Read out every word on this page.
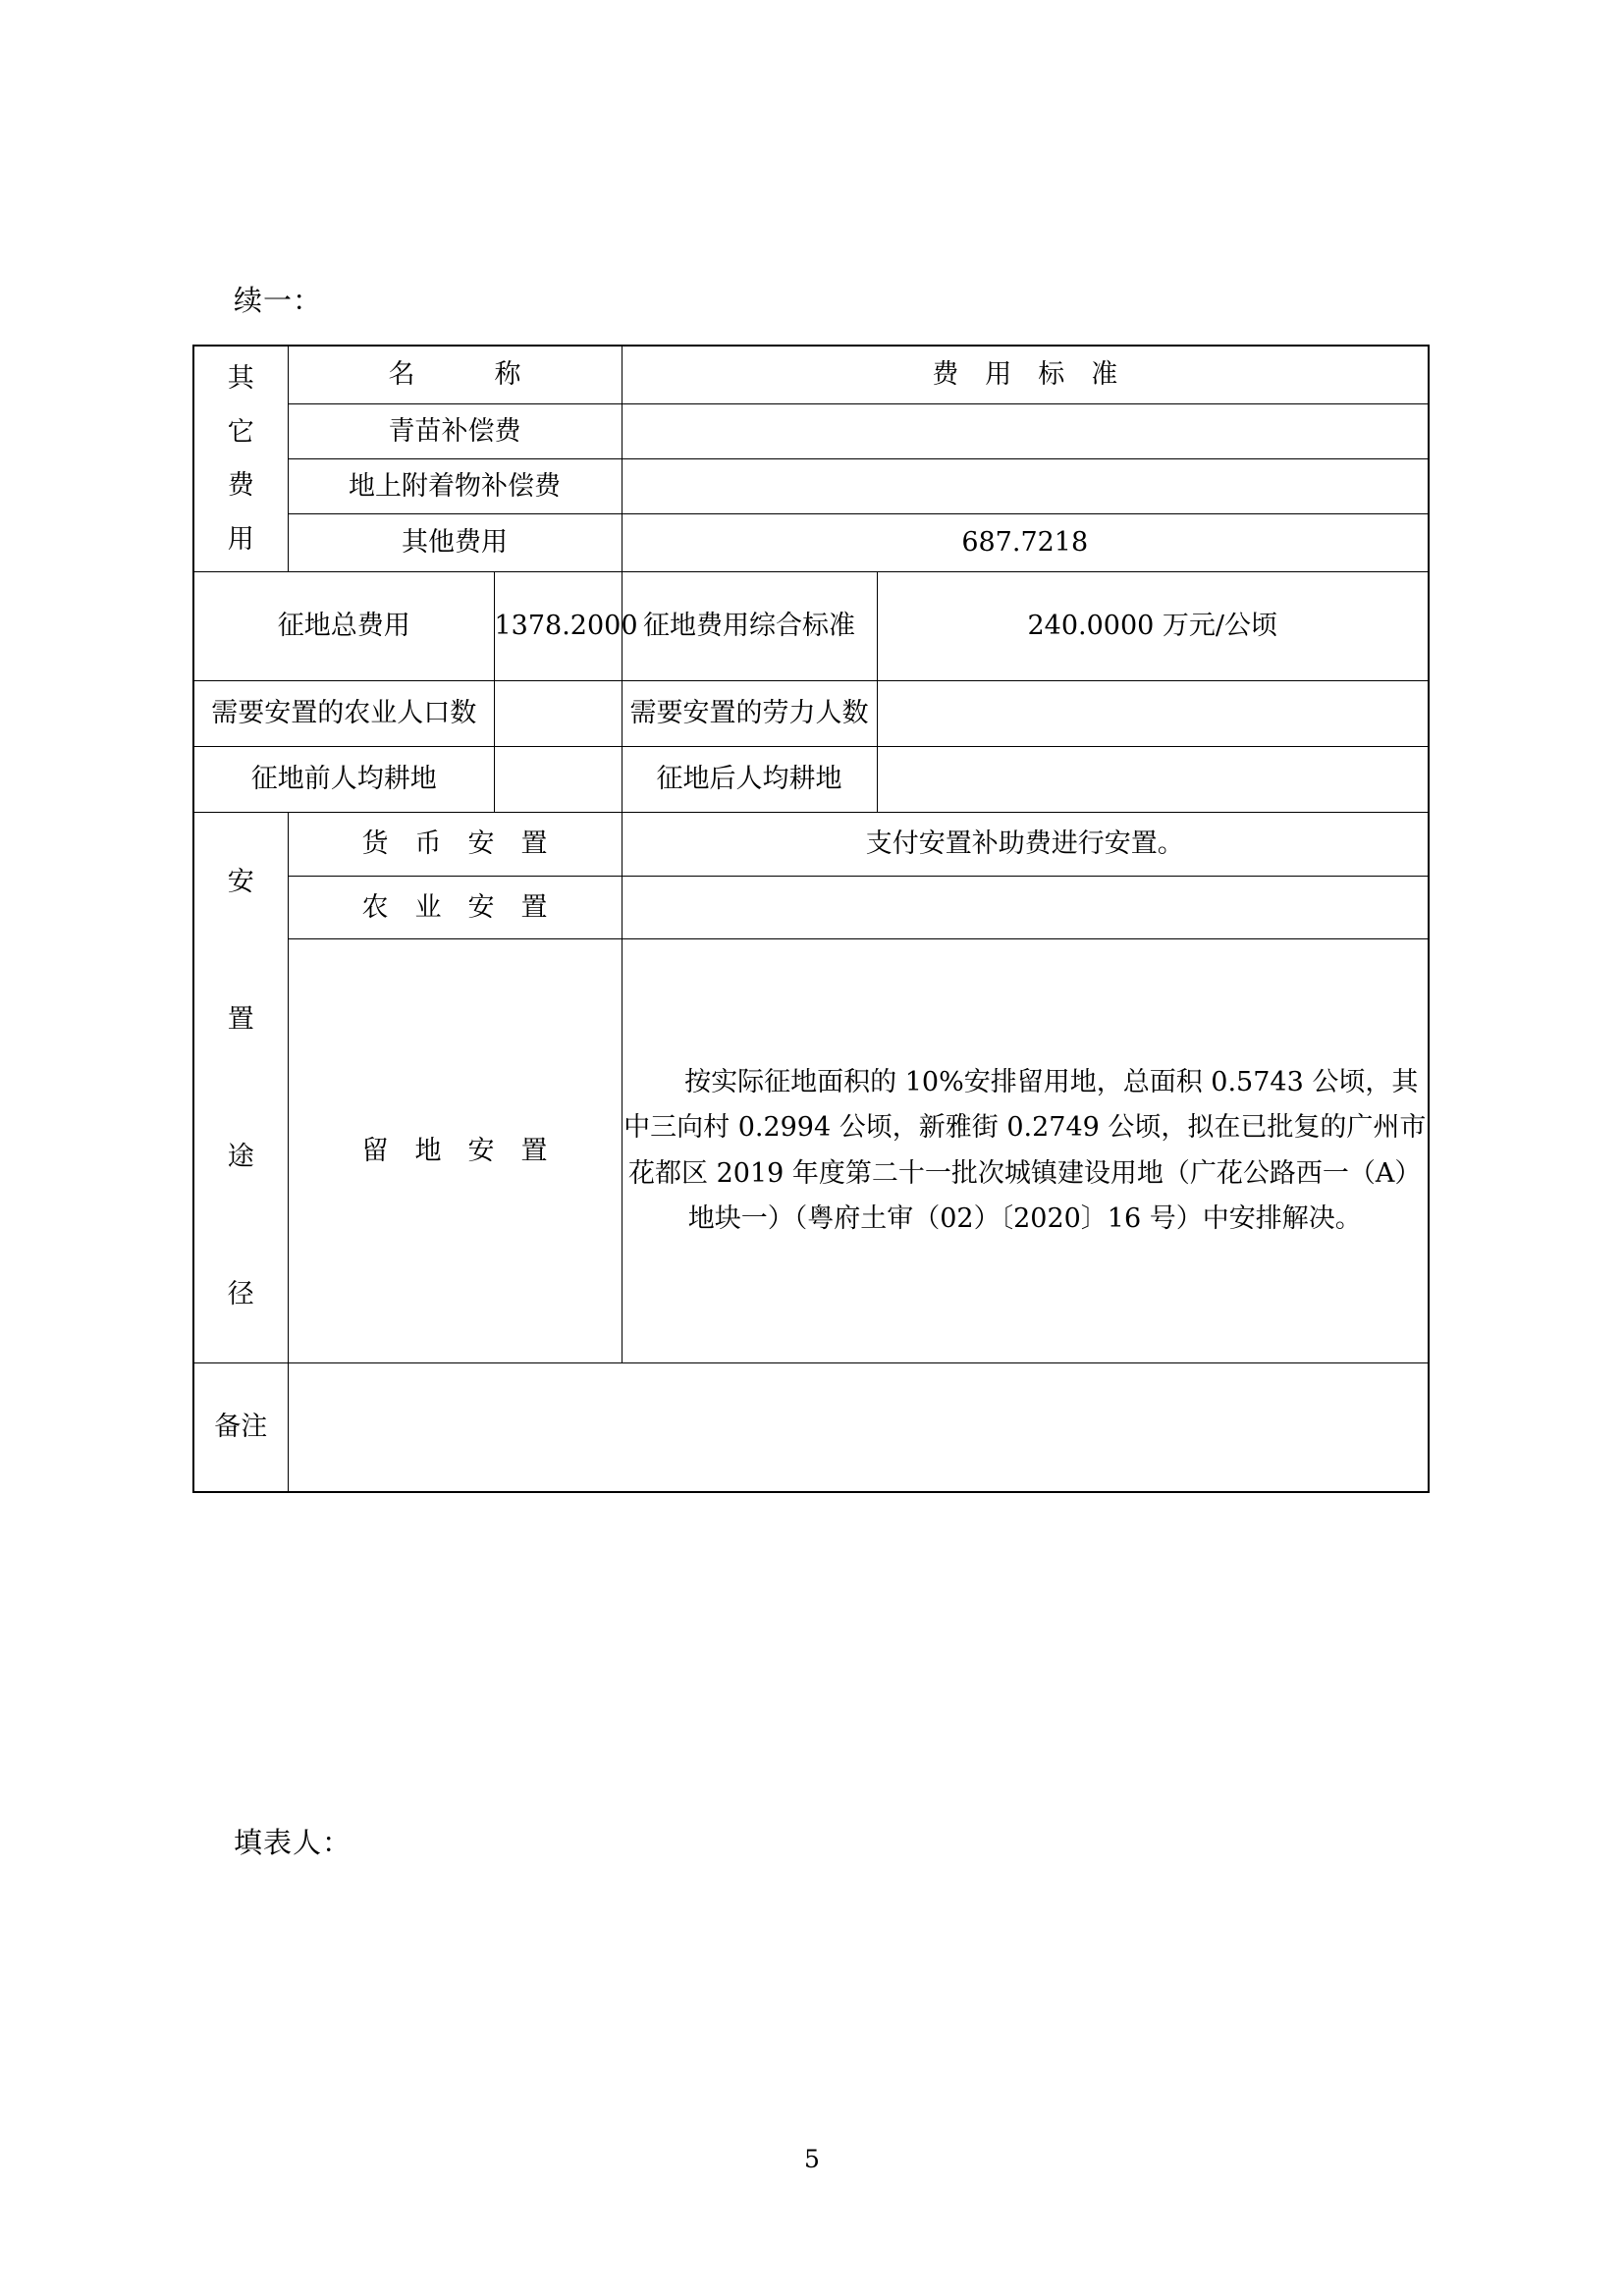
续一：
其
它
费
用	名　　　称		费　用　标　准	
	青苗补偿费			
	地上附着物补偿费			
	其他费用		687.7218	
征地总费用		1378.2000	征地费用综合标准	240.0000 万元/公顷
需要安置的农业人口数			需要安置的劳力人数	
征地前人均耕地			征地后人均耕地	

安
置
途
径	货　币　安　置		支付安置补助费进行安置。	
	农　业　安　置			
	留　地　安　置		按实际征地面积的 10%安排留用地，总面积 0.5743 公顷，其中三向村 0.2994 公顷，新雅街 0.2749 公顷，拟在已批复的广州市花都区 2019 年度第二十一批次城镇建设用地（广花公路西一（A）地块一）（粤府土审（02）〔2020〕16 号）中安排解决。	
备注				
填表人：
5
